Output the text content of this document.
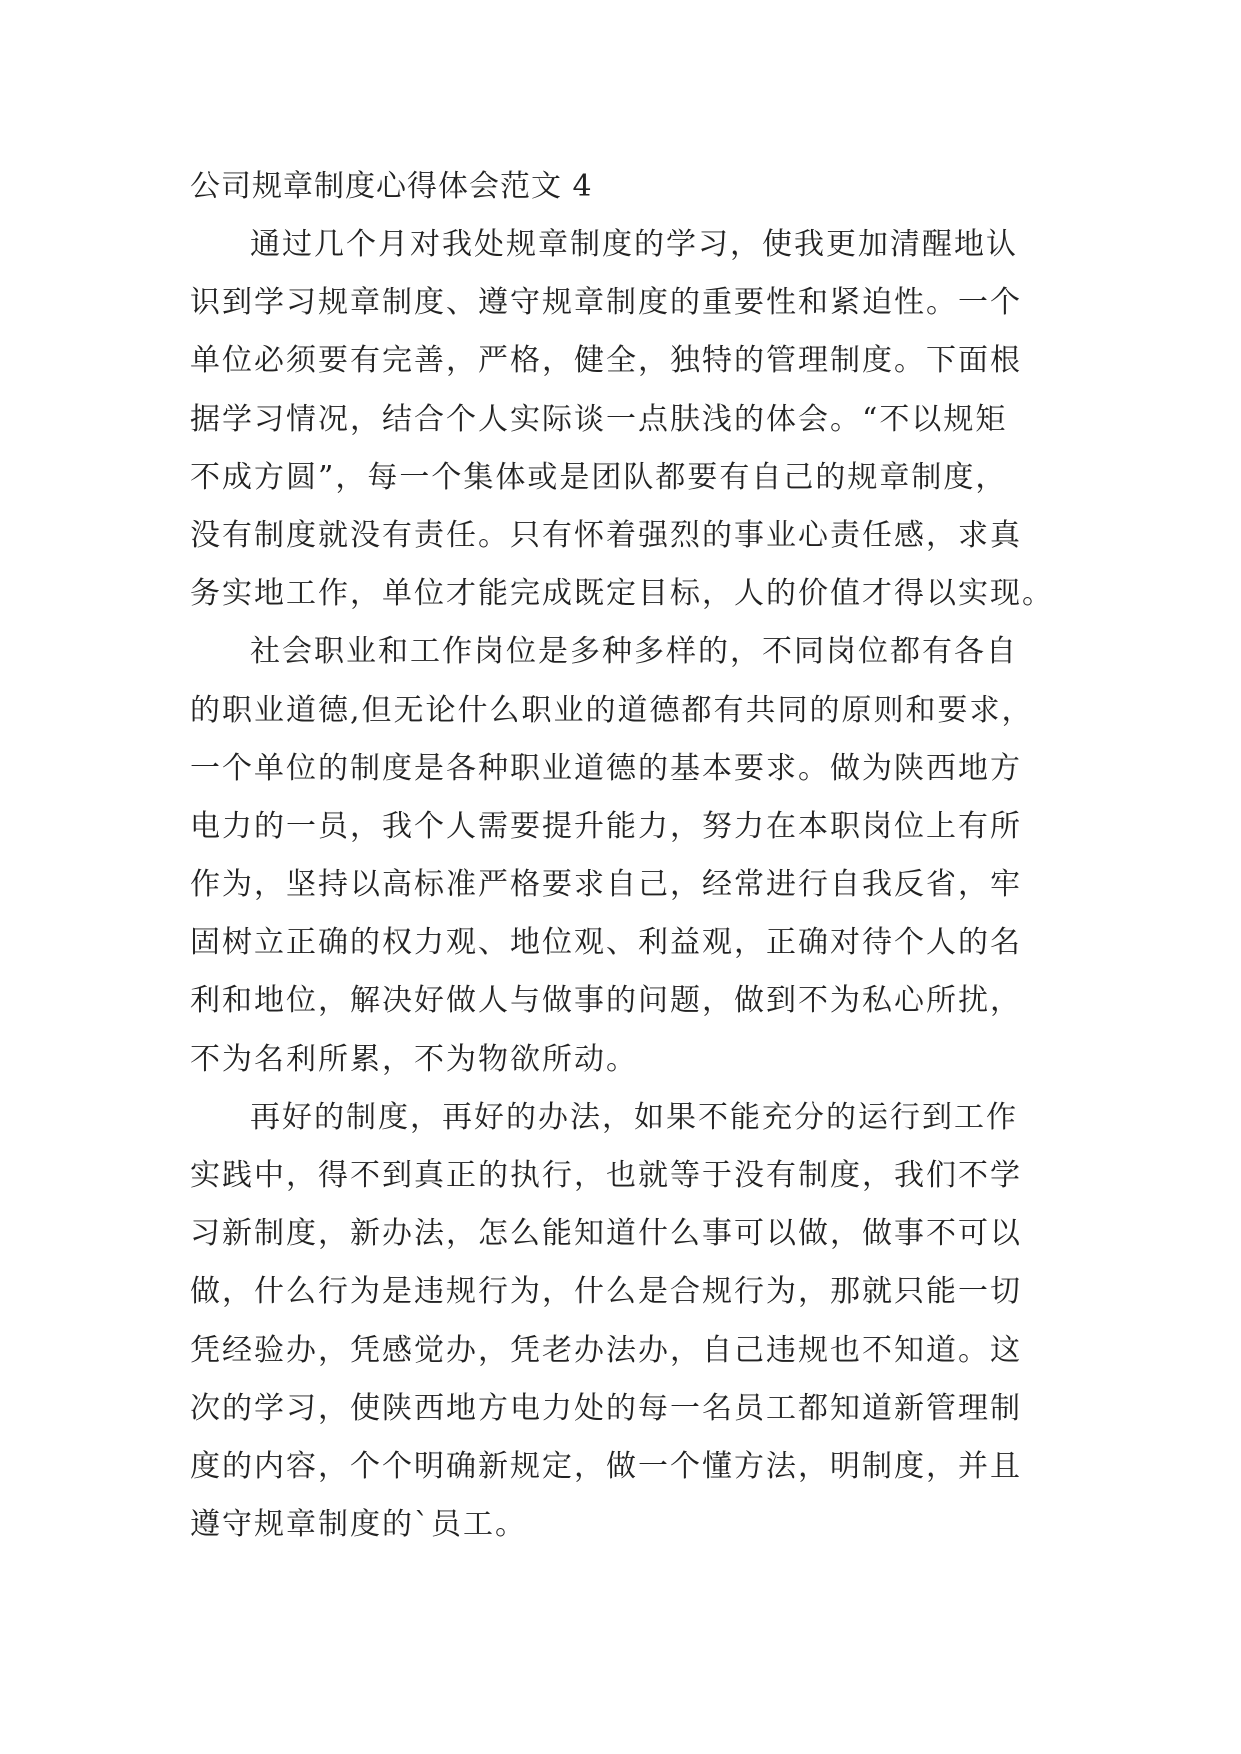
公司规章制度心得体会范文 4
通过几个月对我处规章制度的学习，使我更加清醒地认
识到学习规章制度、遵守规章制度的重要性和紧迫性。一个
单位必须要有完善，严格，健全，独特的管理制度。下面根
据学习情况，结合个人实际谈一点肤浅的体会。“不以规矩
不成方圆”，每一个集体或是团队都要有自己的规章制度，
没有制度就没有责任。只有怀着强烈的事业心责任感，求真
务实地工作，单位才能完成既定目标，人的价值才得以实现。
社会职业和工作岗位是多种多样的，不同岗位都有各自
的职业道德,但无论什么职业的道德都有共同的原则和要求，
一个单位的制度是各种职业道德的基本要求。做为陕西地方
电力的一员，我个人需要提升能力，努力在本职岗位上有所
作为，坚持以高标准严格要求自己，经常进行自我反省，牢
固树立正确的权力观、地位观、利益观，正确对待个人的名
利和地位，解决好做人与做事的问题，做到不为私心所扰，
不为名利所累，不为物欲所动。
再好的制度，再好的办法，如果不能充分的运行到工作
实践中，得不到真正的执行，也就等于没有制度，我们不学
习新制度，新办法，怎么能知道什么事可以做，做事不可以
做，什么行为是违规行为，什么是合规行为，那就只能一切
凭经验办，凭感觉办，凭老办法办，自己违规也不知道。这
次的学习，使陕西地方电力处的每一名员工都知道新管理制
度的内容，个个明确新规定，做一个懂方法，明制度，并且
遵守规章制度的`员工。
